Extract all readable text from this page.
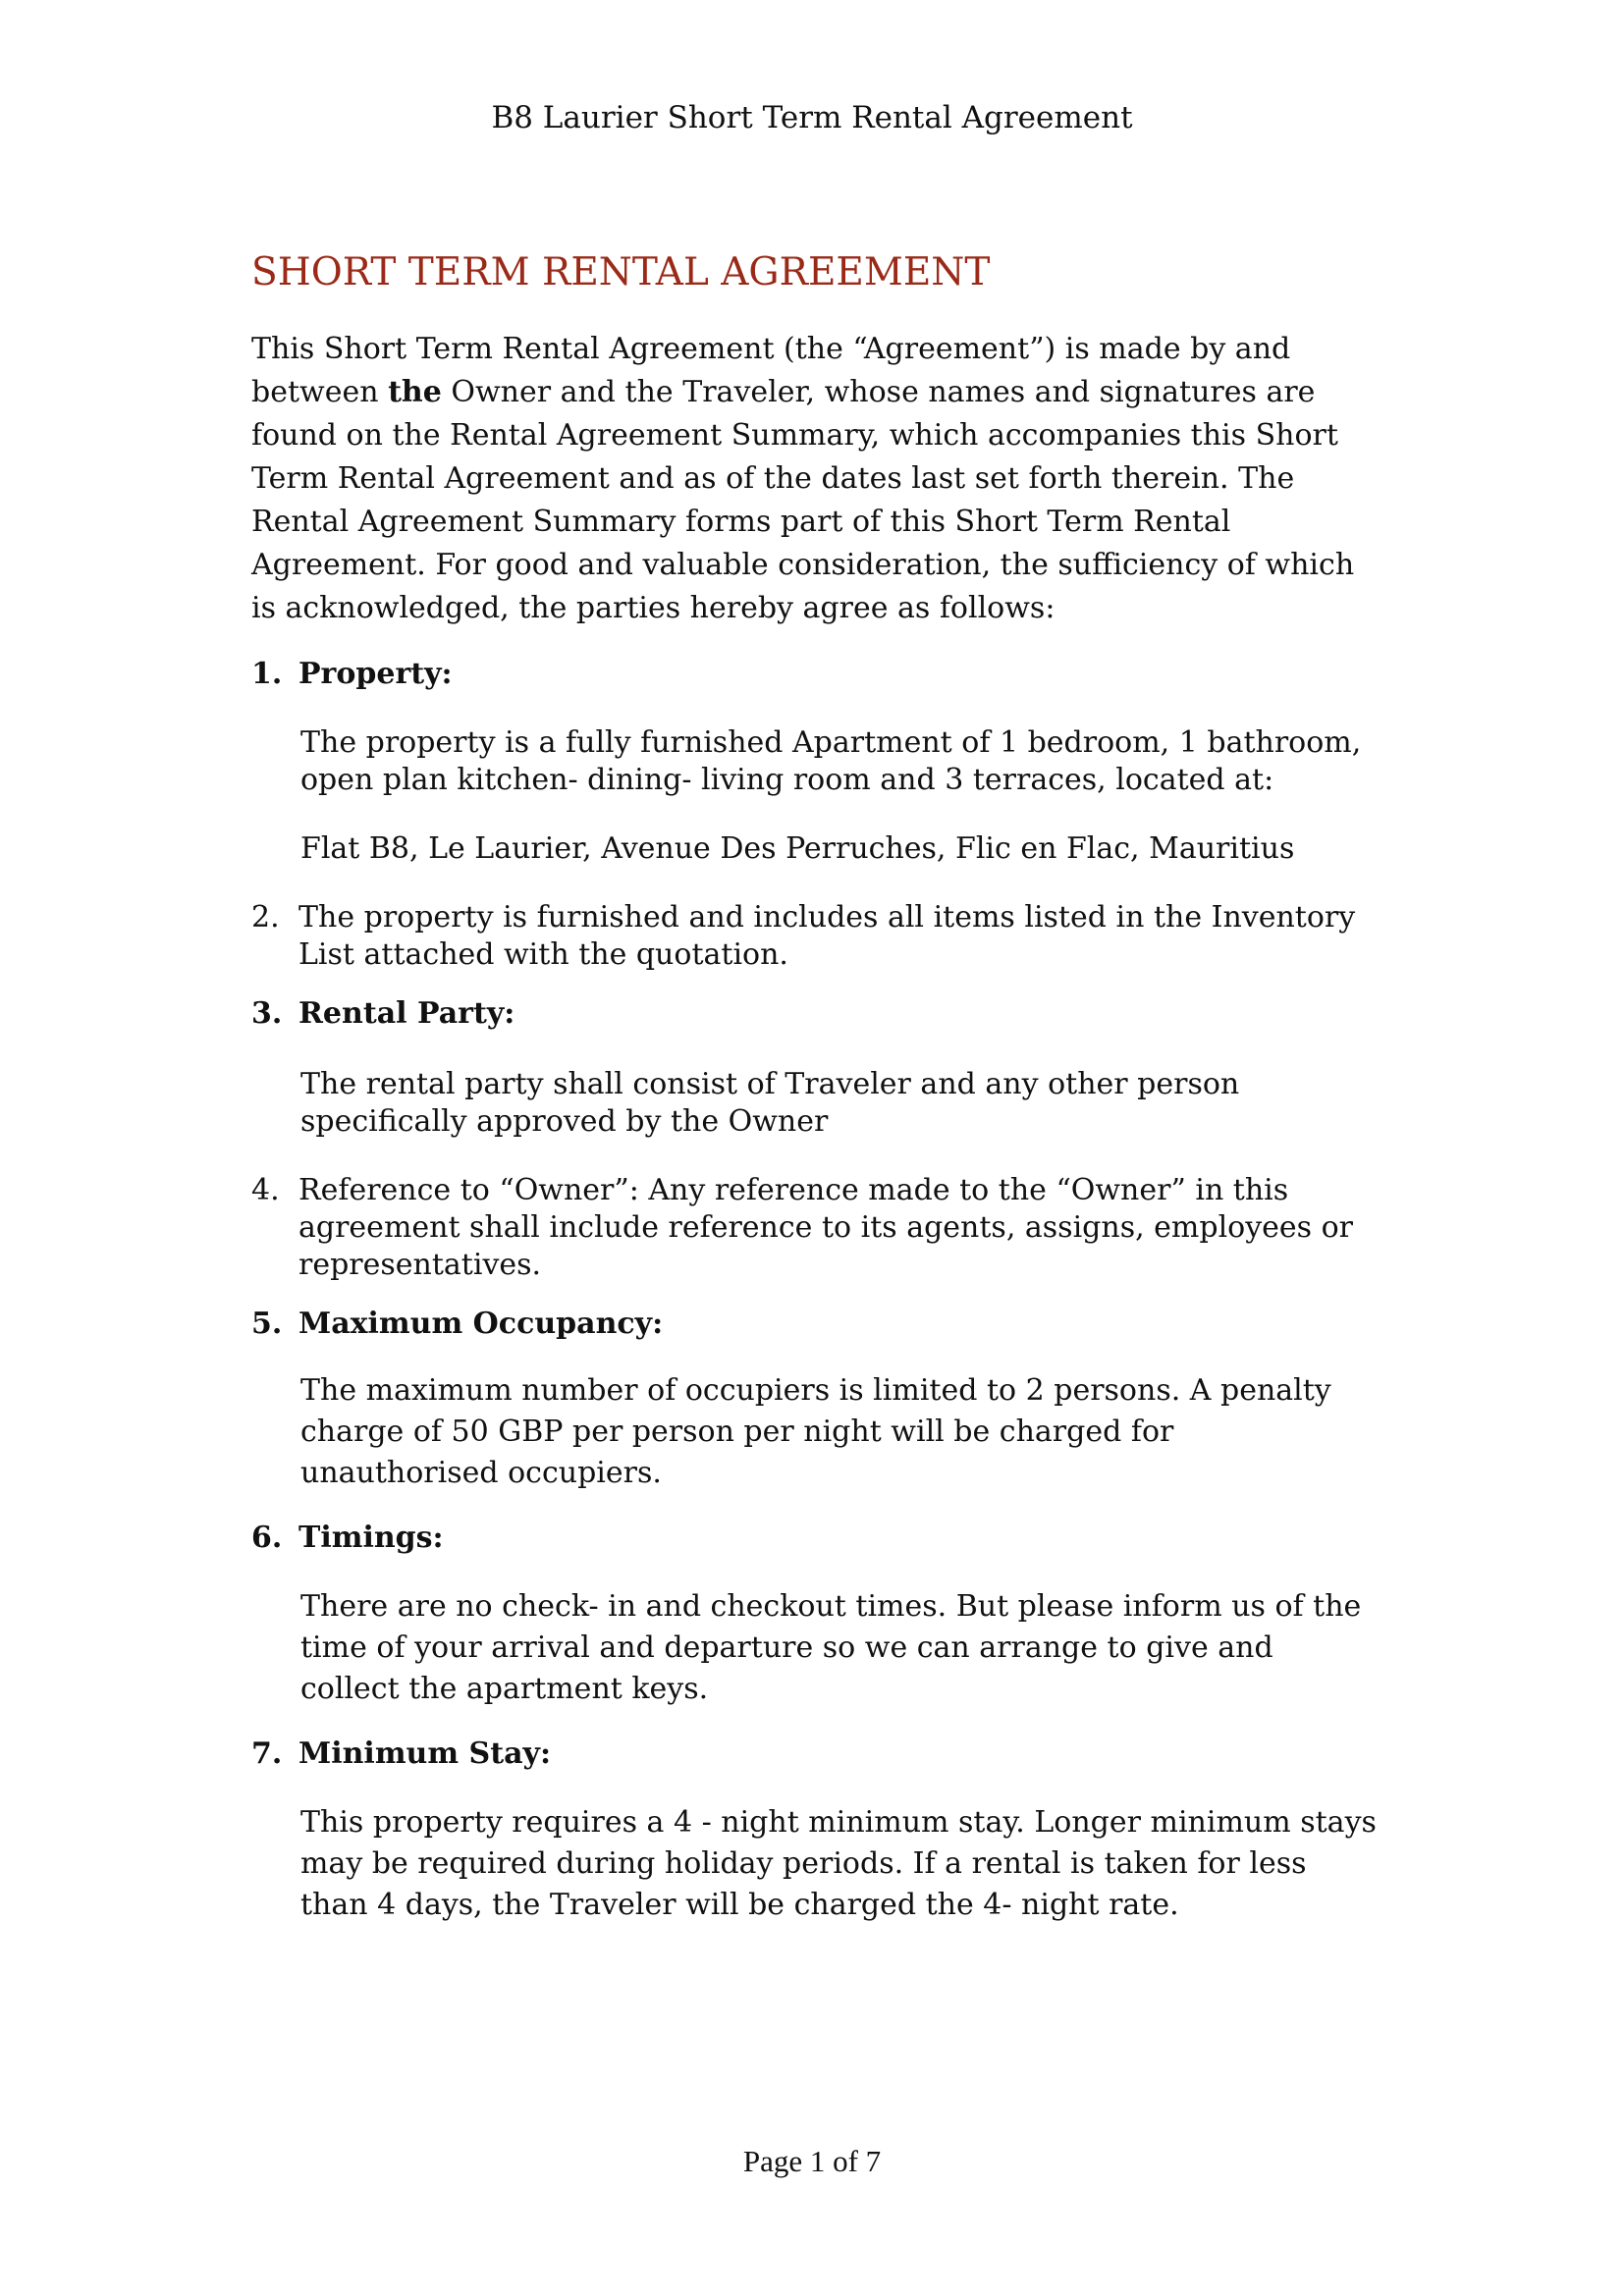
B8 Laurier Short Term Rental Agreement
SHORT TERM RENTAL AGREEMENT

This Short Term Rental Agreement (the “Agreement”) is made by and between the Owner and the Traveler, whose names and signatures are found on the Rental Agreement Summary, which accompanies this Short Term Rental Agreement and as of the dates last set forth therein. The Rental Agreement Summary forms part of this Short Term Rental Agreement. For good and valuable consideration, the sufficiency of which is acknowledged, the parties hereby agree as follows:

1. Property:
The property is a fully furnished Apartment of 1 bedroom, 1 bathroom, open plan kitchen- dining- living room and 3 terraces, located at:
Flat B8, Le Laurier, Avenue Des Perruches, Flic en Flac, Mauritius
2. The property is furnished and includes all items listed in the Inventory List attached with the quotation.
3. Rental Party:
The rental party shall consist of Traveler and any other person specifically approved by the Owner
4. Reference to “Owner”: Any reference made to the “Owner” in this agreement shall include reference to its agents, assigns, employees or representatives.
5. Maximum Occupancy:
The maximum number of occupiers is limited to 2 persons. A penalty charge of 50 GBP per person per night will be charged for unauthorised occupiers.
6. Timings:
There are no check- in and checkout times. But please inform us of the time of your arrival and departure so we can arrange to give and collect the apartment keys.
7. Minimum Stay:
This property requires a 4 - night minimum stay. Longer minimum stays may be required during holiday periods. If a rental is taken for less than 4 days, the Traveler will be charged the 4- night rate.
Page 1 of 7
